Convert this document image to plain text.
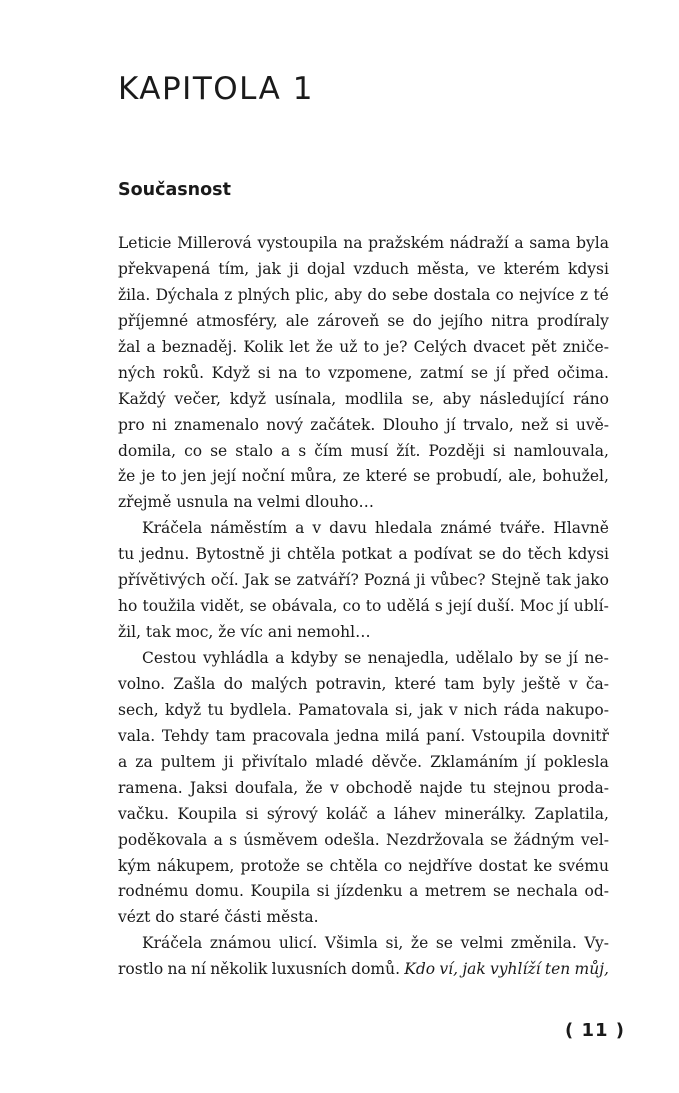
KAPITOLA 1
Současnost
Leticie Millerová vystoupila na pražském nádraží a sama byla
překvapená tím, jak ji dojal vzduch města, ve kterém kdysi
žila. Dýchala z plných plic, aby do sebe dostala co nejvíce z té
příjemné atmosféry, ale zároveň se do jejího nitra prodíraly
žal a beznaděj. Kolik let že už to je? Celých dvacet pět zniče-
ných roků. Když si na to vzpomene, zatmí se jí před očima.
Každý večer, když usínala, modlila se, aby následující ráno
pro ni znamenalo nový začátek. Dlouho jí trvalo, než si uvě-
domila, co se stalo a s čím musí žít. Později si namlouvala,
že je to jen její noční můra, ze které se probudí, ale, bohužel,
zřejmě usnula na velmi dlouho…
Kráčela náměstím a v davu hledala známé tváře. Hlavně
tu jednu. Bytostně ji chtěla potkat a podívat se do těch kdysi
přívětivých očí. Jak se zatváří? Pozná ji vůbec? Stejně tak jako
ho toužila vidět, se obávala, co to udělá s její duší. Moc jí ublí-
žil, tak moc, že víc ani nemohl…
Cestou vyhládla a kdyby se nenajedla, udělalo by se jí ne-
volno. Zašla do malých potravin, které tam byly ještě v ča-
sech, když tu bydlela. Pamatovala si, jak v nich ráda nakupo-
vala. Tehdy tam pracovala jedna milá paní. Vstoupila dovnitř
a za pultem ji přivítalo mladé děvče. Zklamáním jí poklesla
ramena. Jaksi doufala, že v obchodě najde tu stejnou proda-
vačku. Koupila si sýrový koláč a láhev minerálky. Zaplatila,
poděkovala a s úsměvem odešla. Nezdržovala se žádným vel-
kým nákupem, protože se chtěla co nejdříve dostat ke svému
rodnému domu. Koupila si jízdenku a metrem se nechala od-
vézt do staré části města.
Kráčela známou ulicí. Všimla si, že se velmi změnila. Vy-
rostlo na ní několik luxusních domů. Kdo ví, jak vyhlíží ten můj,
( 11 )
